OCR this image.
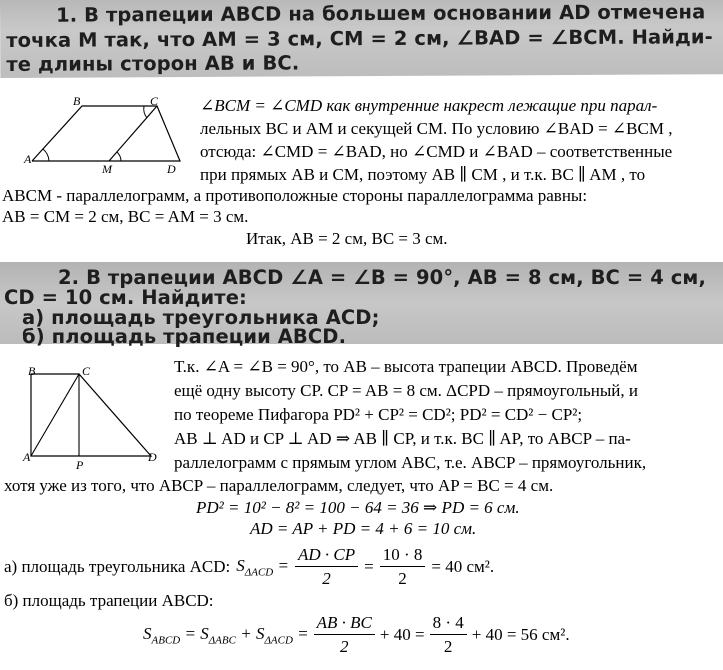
1. В трапеции ABCD на большем основании AD отмечена
точка M так, что AM = 3 см, CM = 2 см, ∠BAD = ∠BCM. Найди-
те длины сторон AB и BC.
B	C
A
M	D
∠BCM = ∠CMD как внутренние накрест лежащие при парал-
лельных BC и AM и секущей CM. По условию ∠BAD = ∠BCM ,
отсюда: ∠CMD = ∠BAD, но ∠CMD и ∠BAD – соответственные
при прямых AB и CM, поэтому AB ∥ CM , и т.к. BC ∥ AM , то
ABCM - параллелограмм, а противоположные стороны параллелограмма равны:
AB = CM = 2 см, BC = AM = 3 см.
Итак, AB = 2 см, BC = 3 см.
2. В трапеции ABCD ∠A = ∠B = 90°, AB = 8 см, BC = 4 см,
CD = 10 см. Найдите:
а) площадь треугольника ACD;
б) площадь трапеции ABCD.
B	C
A
P
D
Т.к. ∠A = ∠B = 90°, то AB – высота трапеции ABCD. Проведём
ещё одну высоту CP. CP = AB = 8 см. ΔCPD – прямоугольный, и
по теореме Пифагора PD² + CP² = CD²; PD² = CD² − CP²;
AB ⊥ AD и CP ⊥ AD ⇒ AB ∥ CP, и т.к. BC ∥ AP, то ABCP – па-
раллелограмм с прямым углом ABC, т.е. ABCP – прямоугольник,
хотя уже из того, что ABCP – параллелограмм, следует, что AP = BC = 4 см.
PD² = 10² − 8² = 100 − 64 = 36 ⇒ PD = 6 см.
AD = AP + PD = 4 + 6 = 10 см.
а) площадь треугольника ACD: $S_{\Delta ACD} = \frac{AD \cdot CP}{2} = \frac{10 \cdot 8}{2} = 40$ см².
б) площадь трапеции ABCD:
$S_{ABCD} = S_{\Delta ABC} + S_{\Delta ACD} = \frac{AB \cdot BC}{2} + 40 = \frac{8 \cdot 4}{2} + 40 = 56$ см².
